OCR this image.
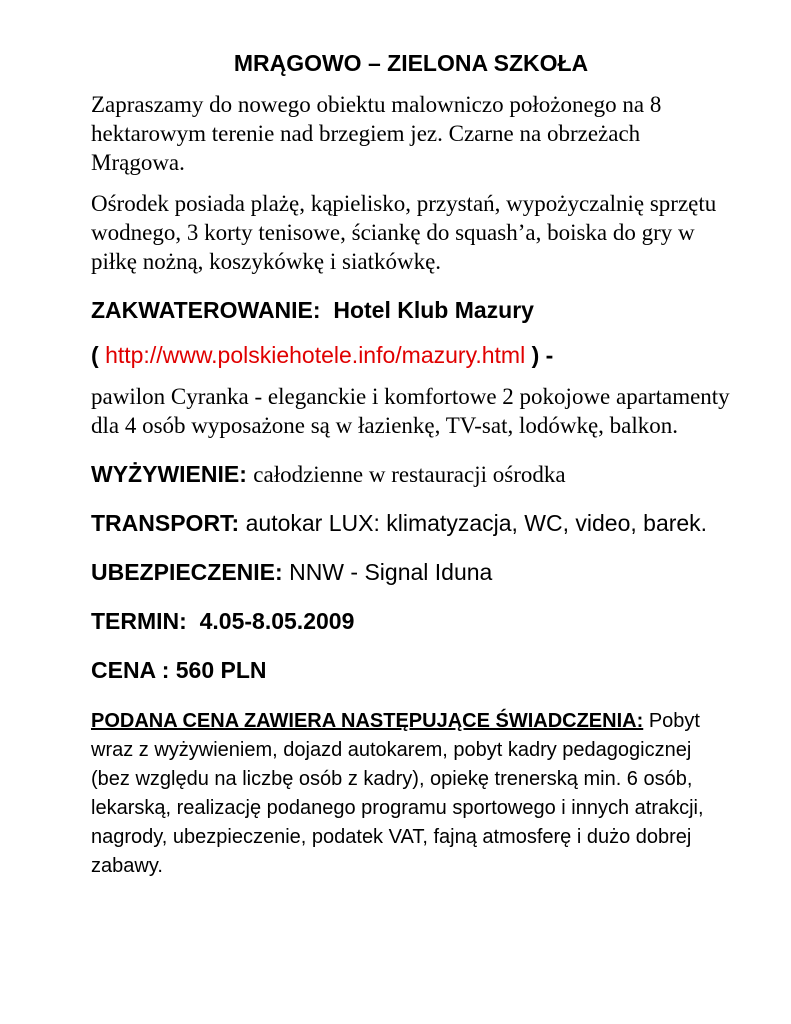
MRĄGOWO – ZIELONA SZKOŁA

Zapraszamy do nowego obiektu malowniczo położonego na 8 hektarowym terenie nad brzegiem jez. Czarne na obrzeżach Mrągowa.

Ośrodek posiada plażę, kąpielisko, przystań, wypożyczalnię sprzętu wodnego, 3 korty tenisowe, ściankę do squash’a, boiska do gry w piłkę nożną, koszykówkę i siatkówkę.

ZAKWATEROWANIE: Hotel Klub Mazury
( http://www.polskiehotele.info/mazury.html ) -

pawilon Cyranka - eleganckie i komfortowe 2 pokojowe apartamenty dla 4 osób wyposażone są w łazienkę, TV-sat, lodówkę, balkon.

WYŻYWIENIE: całodzienne w restauracji ośrodka
TRANSPORT: autokar LUX: klimatyzacja, WC, video, barek.
UBEZPIECZENIE: NNW - Signal Iduna
TERMIN: 4.05-8.05.2009
CENA : 560 PLN

PODANA CENA ZAWIERA NASTĘPUJĄCE ŚWIADCZENIA: Pobyt wraz z wyżywieniem, dojazd autokarem, pobyt kadry pedagogicznej (bez względu na liczbę osób z kadry), opiekę trenerską min. 6 osób, lekarską, realizację podanego programu sportowego i innych atrakcji, nagrody, ubezpieczenie, podatek VAT, fajną atmosferę i dużo dobrej zabawy.
